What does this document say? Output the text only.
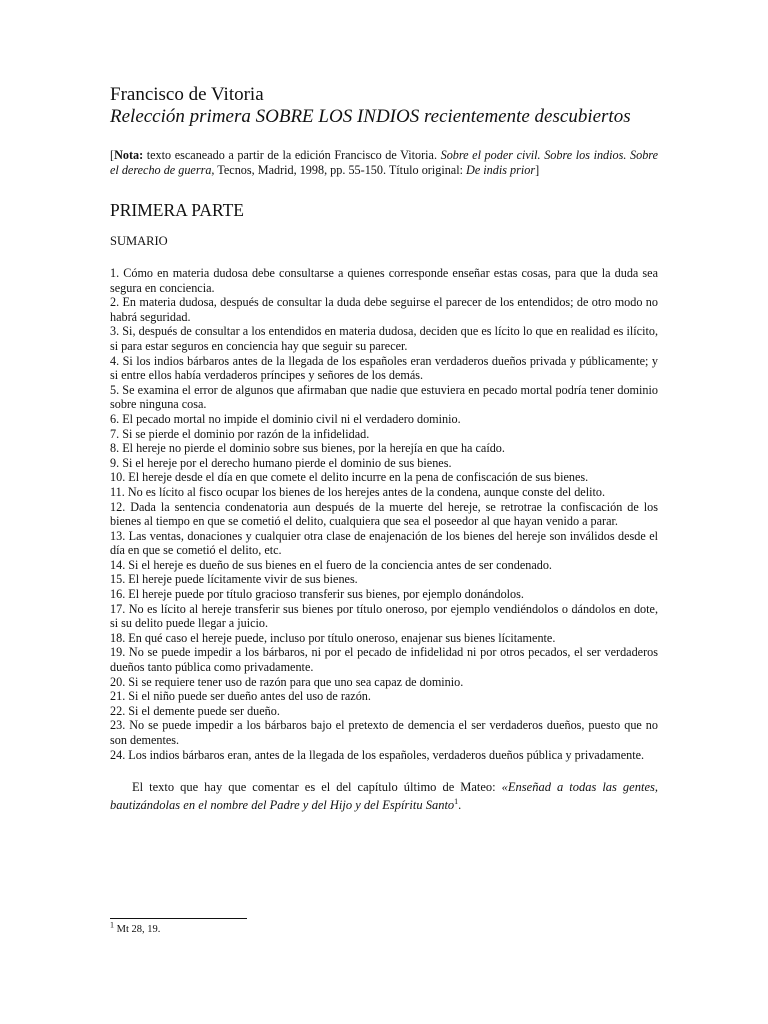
Francisco de Vitoria
Relección primera SOBRE LOS INDIOS recientemente descubiertos

[Nota: texto escaneado a partir de la edición Francisco de Vitoria. Sobre el poder civil. Sobre los indios. Sobre el derecho de guerra, Tecnos, Madrid, 1998, pp. 55-150. Título original: De indis prior]

PRIMERA PARTE

SUMARIO

1. Cómo en materia dudosa debe consultarse a quienes corresponde enseñar estas cosas, para que la duda sea segura en conciencia.
2. En materia dudosa, después de consultar la duda debe seguirse el parecer de los entendidos; de otro modo no habrá seguridad.
3. Si, después de consultar a los entendidos en materia dudosa, deciden que es lícito lo que en realidad es ilícito, si para estar seguros en conciencia hay que seguir su parecer.
4. Si los indios bárbaros antes de la llegada de los españoles eran verdaderos dueños privada y públicamente; y si entre ellos había verdaderos príncipes y señores de los demás.
5. Se examina el error de algunos que afirmaban que nadie que estuviera en pecado mortal podría tener dominio sobre ninguna cosa.
6. El pecado mortal no impide el dominio civil ni el verdadero dominio.
7. Si se pierde el dominio por razón de la infidelidad.
8. El hereje no pierde el dominio sobre sus bienes, por la herejía en que ha caído.
9. Si el hereje por el derecho humano pierde el dominio de sus bienes.
10. El hereje desde el día en que comete el delito incurre en la pena de confiscación de sus bienes.
11. No es lícito al fisco ocupar los bienes de los herejes antes de la condena, aunque conste del delito.
12. Dada la sentencia condenatoria aun después de la muerte del hereje, se retrotrae la confiscación de los bienes al tiempo en que se cometió el delito, cualquiera que sea el poseedor al que hayan venido a parar.
13. Las ventas, donaciones y cualquier otra clase de enajenación de los bienes del hereje son inválidos desde el día en que se cometió el delito, etc.
14. Si el hereje es dueño de sus bienes en el fuero de la conciencia antes de ser condenado.
15. El hereje puede lícitamente vivir de sus bienes.
16. El hereje puede por título gracioso transferir sus bienes, por ejemplo donándolos.
17. No es lícito al hereje transferir sus bienes por título oneroso, por ejemplo vendiéndolos o dándolos en dote, si su delito puede llegar a juicio.
18. En qué caso el hereje puede, incluso por título oneroso, enajenar sus bienes lícitamente.
19. No se puede impedir a los bárbaros, ni por el pecado de infidelidad ni por otros pecados, el ser verdaderos dueños tanto pública como privadamente.
20. Si se requiere tener uso de razón para que uno sea capaz de dominio.
21. Si el niño puede ser dueño antes del uso de razón.
22. Si el demente puede ser dueño.
23. No se puede impedir a los bárbaros bajo el pretexto de demencia el ser verdaderos dueños, puesto que no son dementes.
24. Los indios bárbaros eran, antes de la llegada de los españoles, verdaderos dueños pública y privadamente.

El texto que hay que comentar es el del capítulo último de Mateo: «Enseñad a todas las gentes, bautizándolas en el nombre del Padre y del Hijo y del Espíritu Santo$^1$.

$^1$ Mt 28, 19.
